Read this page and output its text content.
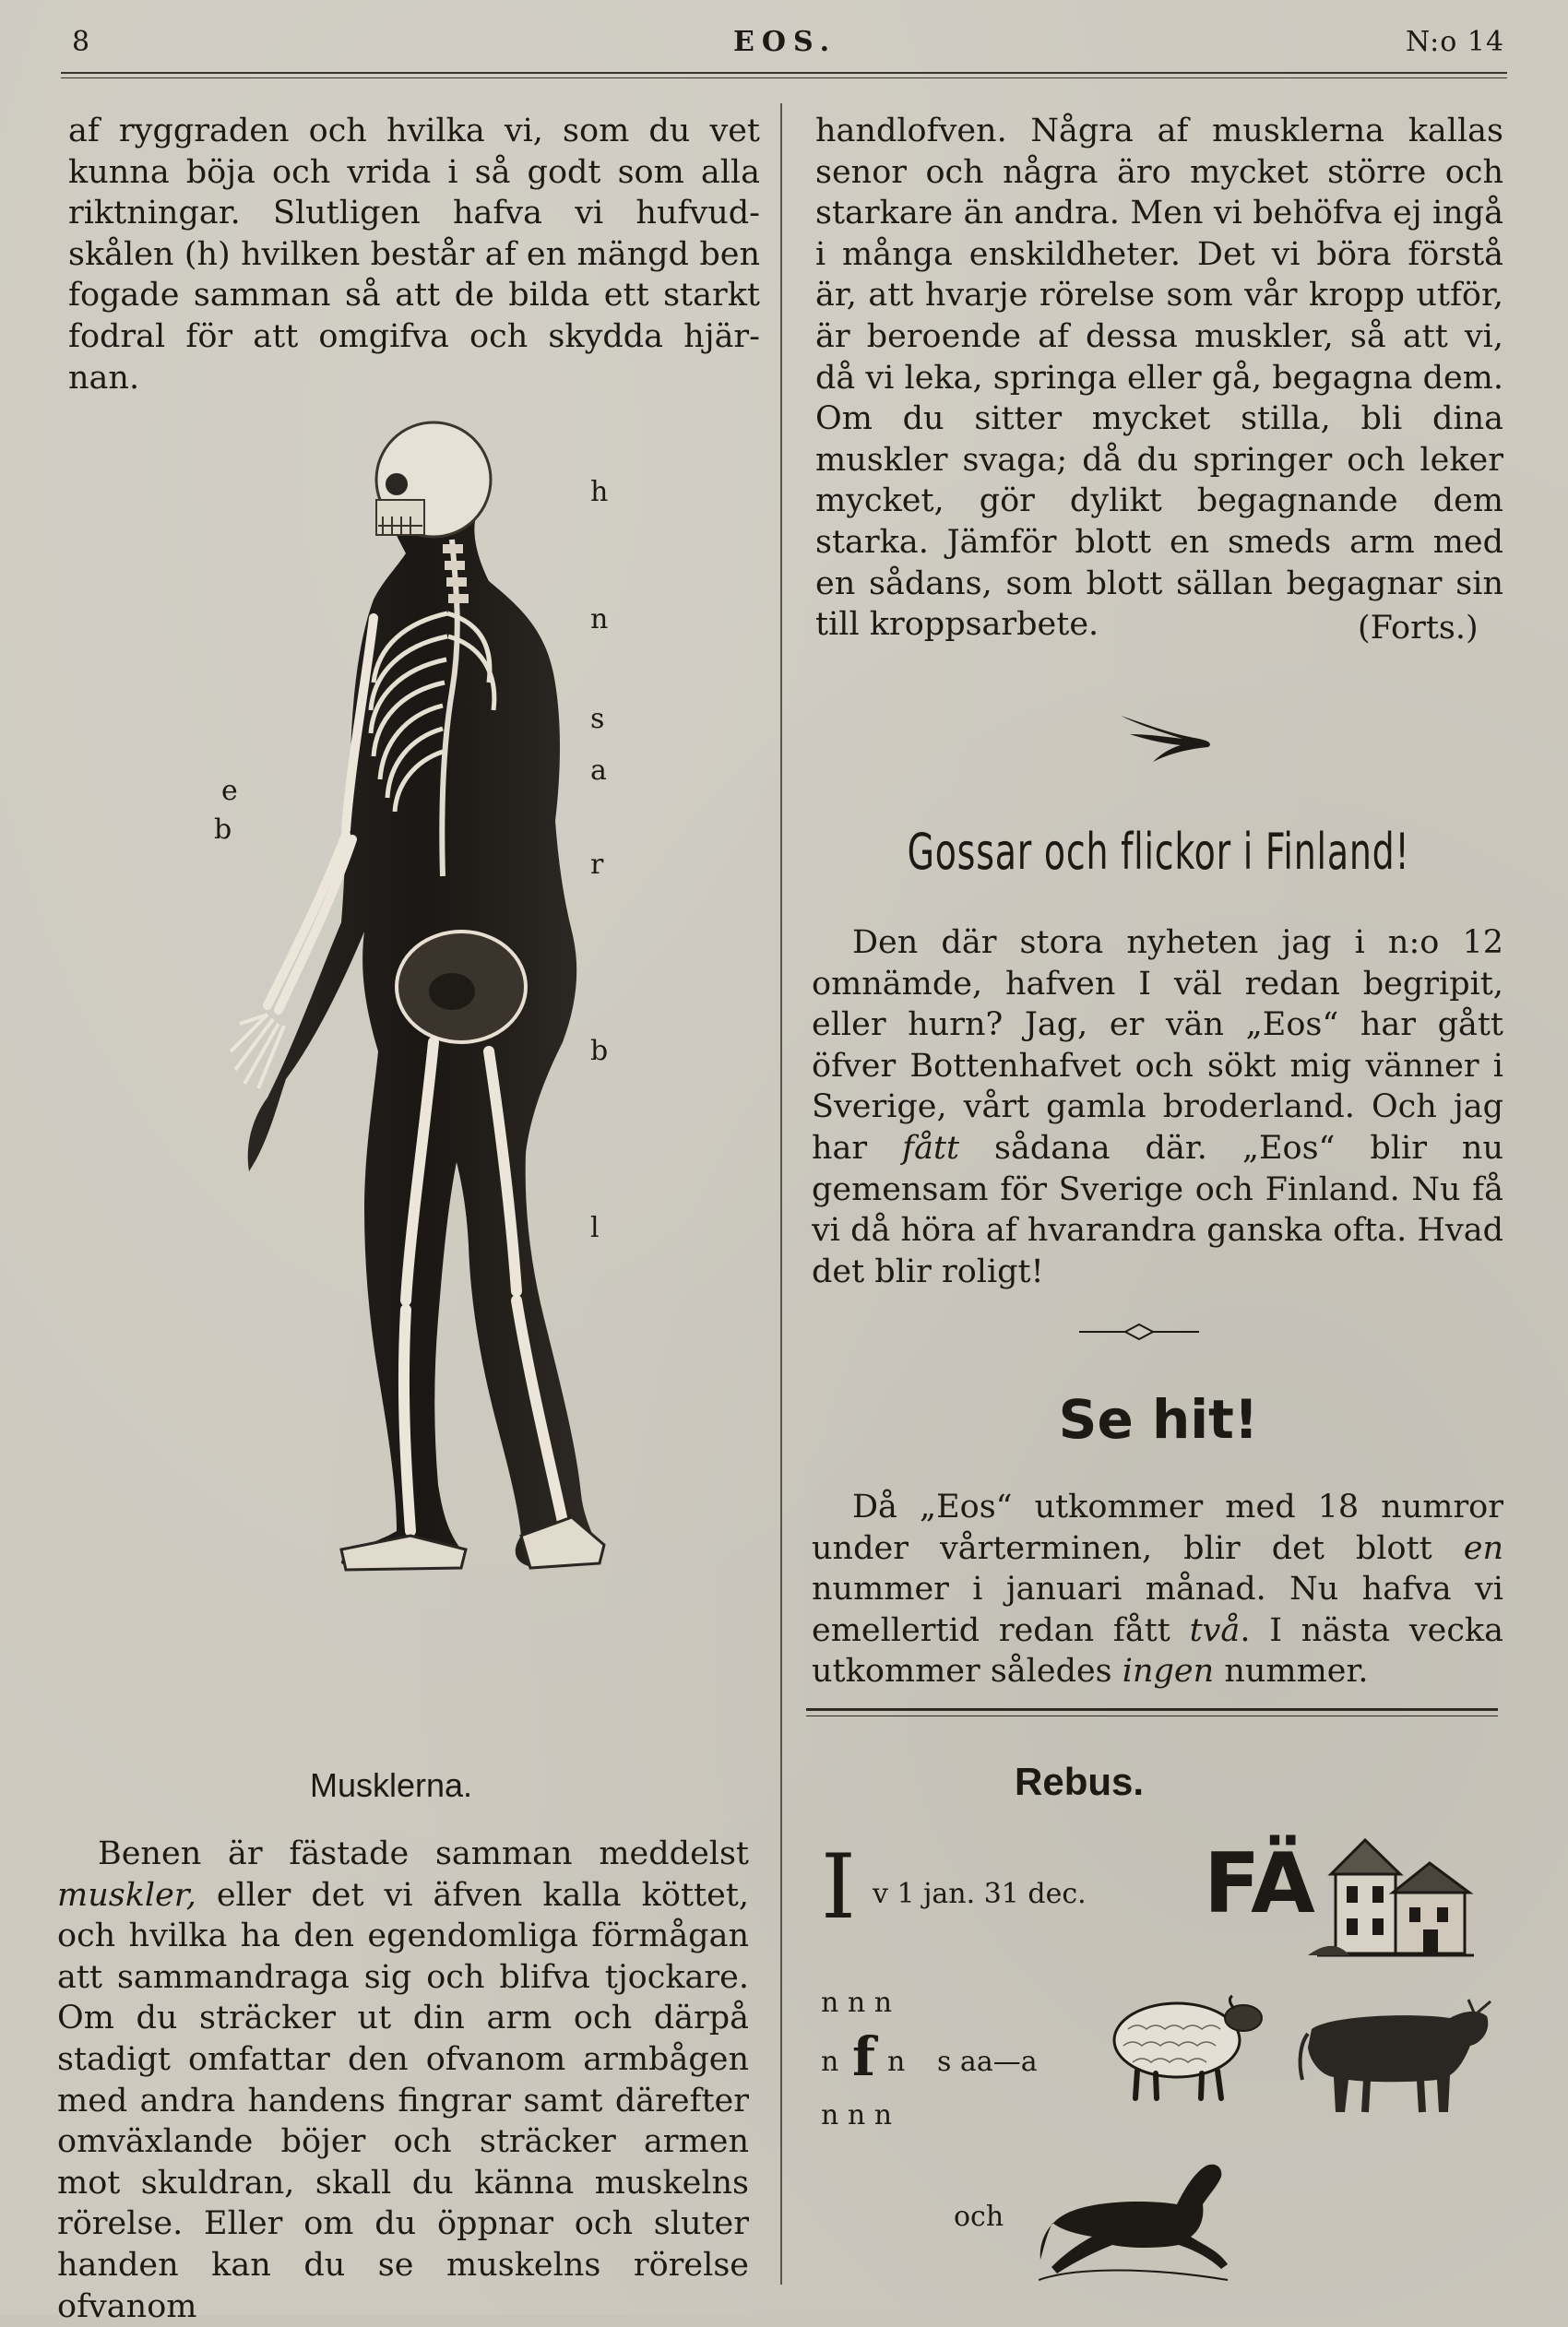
8	EOS.	N:o 14
af ryggraden och hvilka vi, som du vet
kunna böja och vrida i så godt som alla
riktningar. Slutligen hafva vi hufvud-
skålen (h) hvilken består af en mängd ben
fogade samman så att de bilda ett starkt
fodral för att omgifva och skydda hjär-
nan.
h
n
s
a
e
b
r
b
l
Musklerna.

Benen är fästade samman meddelst muskler, eller det vi äfven kalla köttet, och hvilka ha den egendomliga förmågan att sammandraga sig och blifva tjockare. Om du sträcker ut din arm och därpå stadigt omfattar den ofvanom armbågen med andra handens fingrar samt därefter omväxlande böjer och sträcker armen mot skuldran, skall du känna muskelns rörelse. Eller om du öppnar och sluter handen kan du se muskelns rörelse ofvanom

handlofven. Några af musklerna kallas senor och några äro mycket större och starkare än andra. Men vi behöfva ej ingå i många enskildheter. Det vi böra förstå är, att hvarje rörelse som vår kropp utför, är beroende af dessa muskler, så att vi, då vi leka, springa eller gå, begagna dem. Om du sitter mycket stilla, bli dina muskler svaga; då du springer och leker mycket, gör dylikt begagnande dem starka. Jämför blott en smeds arm med en sådans, som blott sällan begagnar sin till kroppsarbete.	(Forts.)
Gossar och flickor i Finland!

Den där stora nyheten jag i n:o 12 omnämde, hafven I väl redan begripit, eller hurn? Jag, er vän „Eos“ har gått öfver Bottenhafvet och sökt mig vänner i Sverige, vårt gamla broderland. Och jag har fått sådana där. „Eos“ blir nu gemensam för Sverige och Finland. Nu få vi då höra af hvarandra ganska ofta. Hvad det blir roligt!

Se hit!

Då „Eos“ utkommer med 18 numror under vårterminen, blir det blott en nummer i januari månad. Nu hafva vi emellertid redan fått två. I nästa vecka utkommer således ingen nummer.

Rebus.
I v 1 jan. 31 dec. FÄ
n n n
n f n s aa—a
n n n
och
